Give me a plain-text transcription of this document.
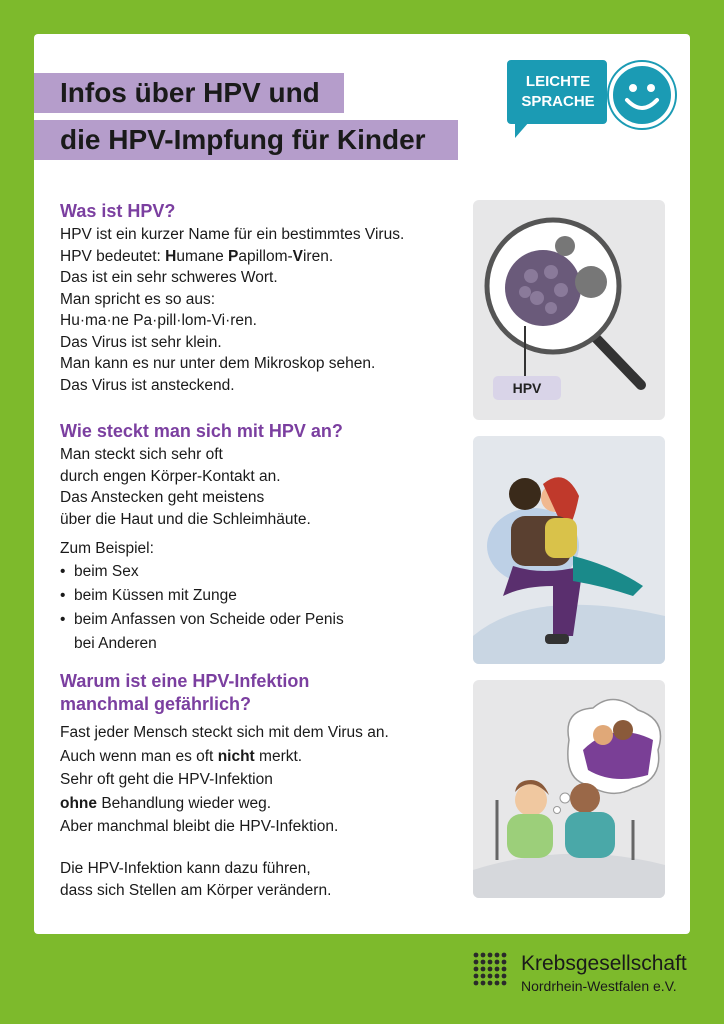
Infos über HPV und
die HPV-Impfung für Kinder
LEICHTE
SPRACHE
Was ist HPV?
HPV ist ein kurzer Name für ein bestimmtes Virus.
HPV bedeutet: Humane Papillom-Viren.
Das ist ein sehr schweres Wort.
Man spricht es so aus:
Hu·ma·ne Pa·pill·lom-Vi·ren.
Das Virus ist sehr klein.
Man kann es nur unter dem Mikroskop sehen.
Das Virus ist ansteckend.	HPV
Wie steckt man sich mit HPV an?
Man steckt sich sehr oft
durch engen Körper-Kontakt an.
Das Anstecken geht meistens
über die Haut und die Schleimhäute.
Zum Beispiel:
• beim Sex
• beim Küssen mit Zunge
• beim Anfassen von Scheide oder Penis
bei Anderen
Warum ist eine HPV-Infektion
manchmal gefährlich?
Fast jeder Mensch steckt sich mit dem Virus an.
Auch wenn man es oft nicht merkt.
Sehr oft geht die HPV-Infektion
ohne Behandlung wieder weg.
Aber manchmal bleibt die HPV-Infektion.
Die HPV-Infektion kann dazu führen,
dass sich Stellen am Körper verändern.
Krebsgesellschaft
Nordrhein-Westfalen e.V.
